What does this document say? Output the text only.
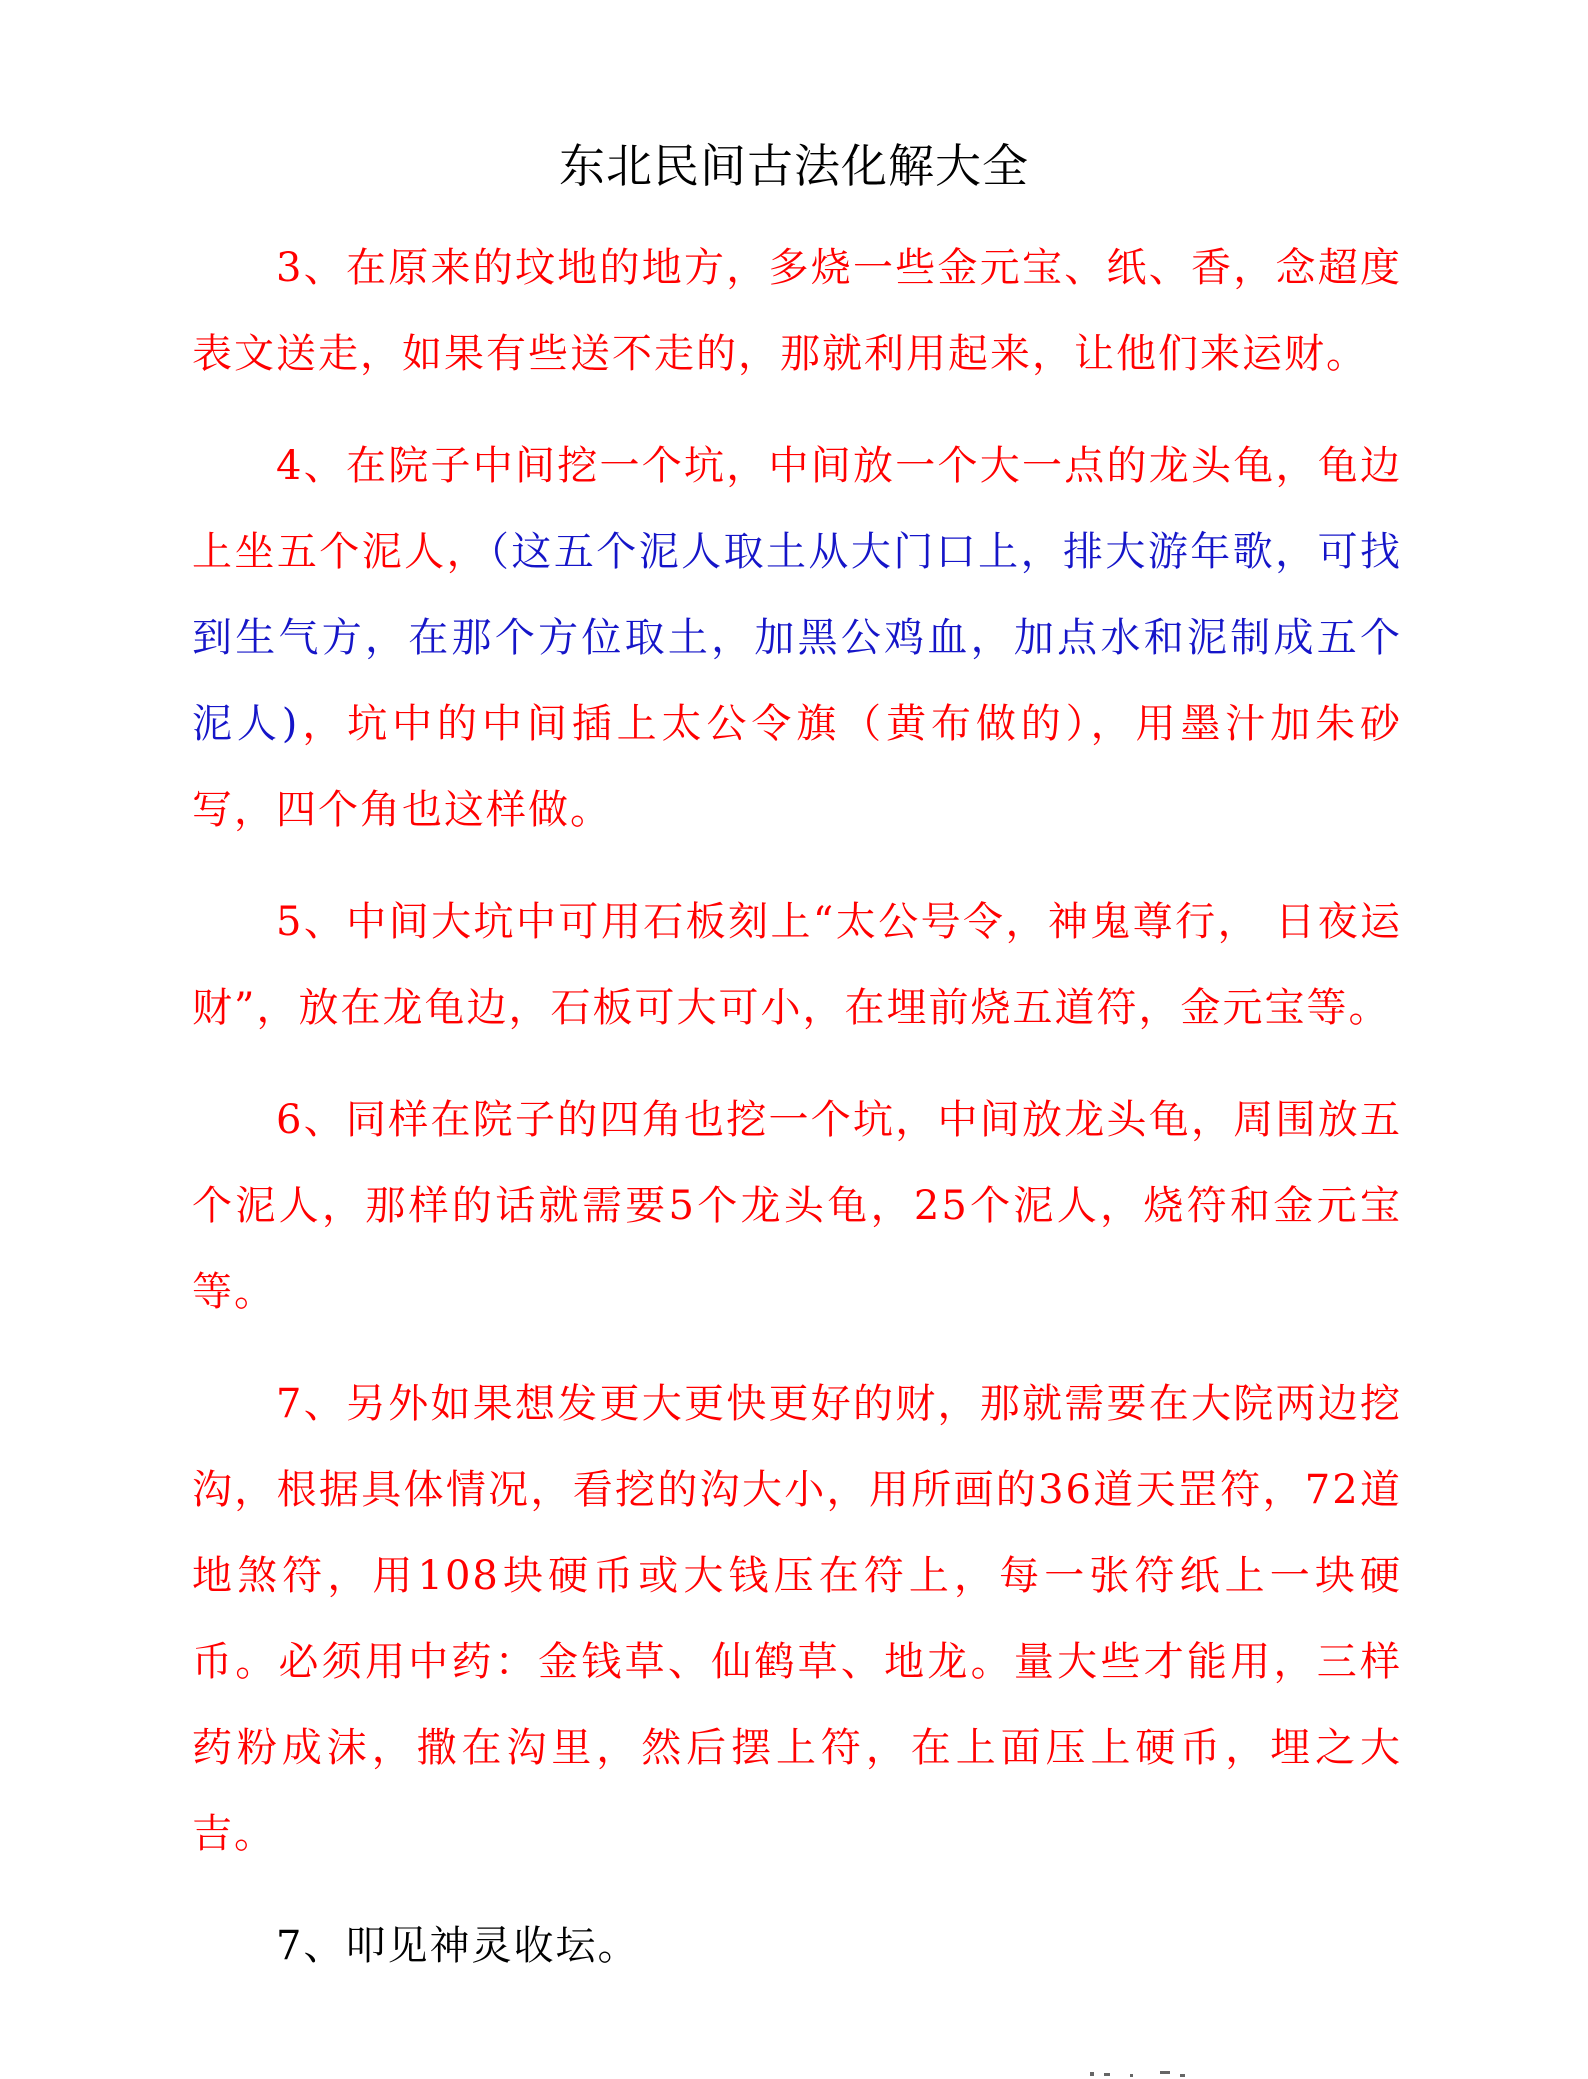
东北民间古法化解大全

3、在原来的坟地的地方，多烧一些金元宝、纸、香，念超度表文送走，如果有些送不走的，那就利用起来，让他们来运财。

4、在院子中间挖一个坑，中间放一个大一点的龙头龟，龟边上坐五个泥人，（这五个泥人取土从大门口上，排大游年歌，可找到生气方，在那个方位取土，加黑公鸡血，加点水和泥制成五个泥人)，坑中的中间插上太公令旗（黄布做的），用墨汁加朱砂写，四个角也这样做。

5、中间大坑中可用石板刻上“太公号令，神鬼尊行， 日夜运财”，放在龙龟边，石板可大可小，在埋前烧五道符，金元宝等。

6、同样在院子的四角也挖一个坑，中间放龙头龟，周围放五个泥人，那样的话就需要5个龙头龟，25个泥人，烧符和金元宝等。

7、另外如果想发更大更快更好的财，那就需要在大院两边挖沟，根据具体情况，看挖的沟大小，用所画的36道天罡符，72道地煞符，用108块硬币或大钱压在符上，每一张符纸上一块硬币。必须用中药：金钱草、仙鹤草、地龙。量大些才能用，三样药粉成沫，撒在沟里，然后摆上符，在上面压上硬币，埋之大吉。

7、叩见神灵收坛。
